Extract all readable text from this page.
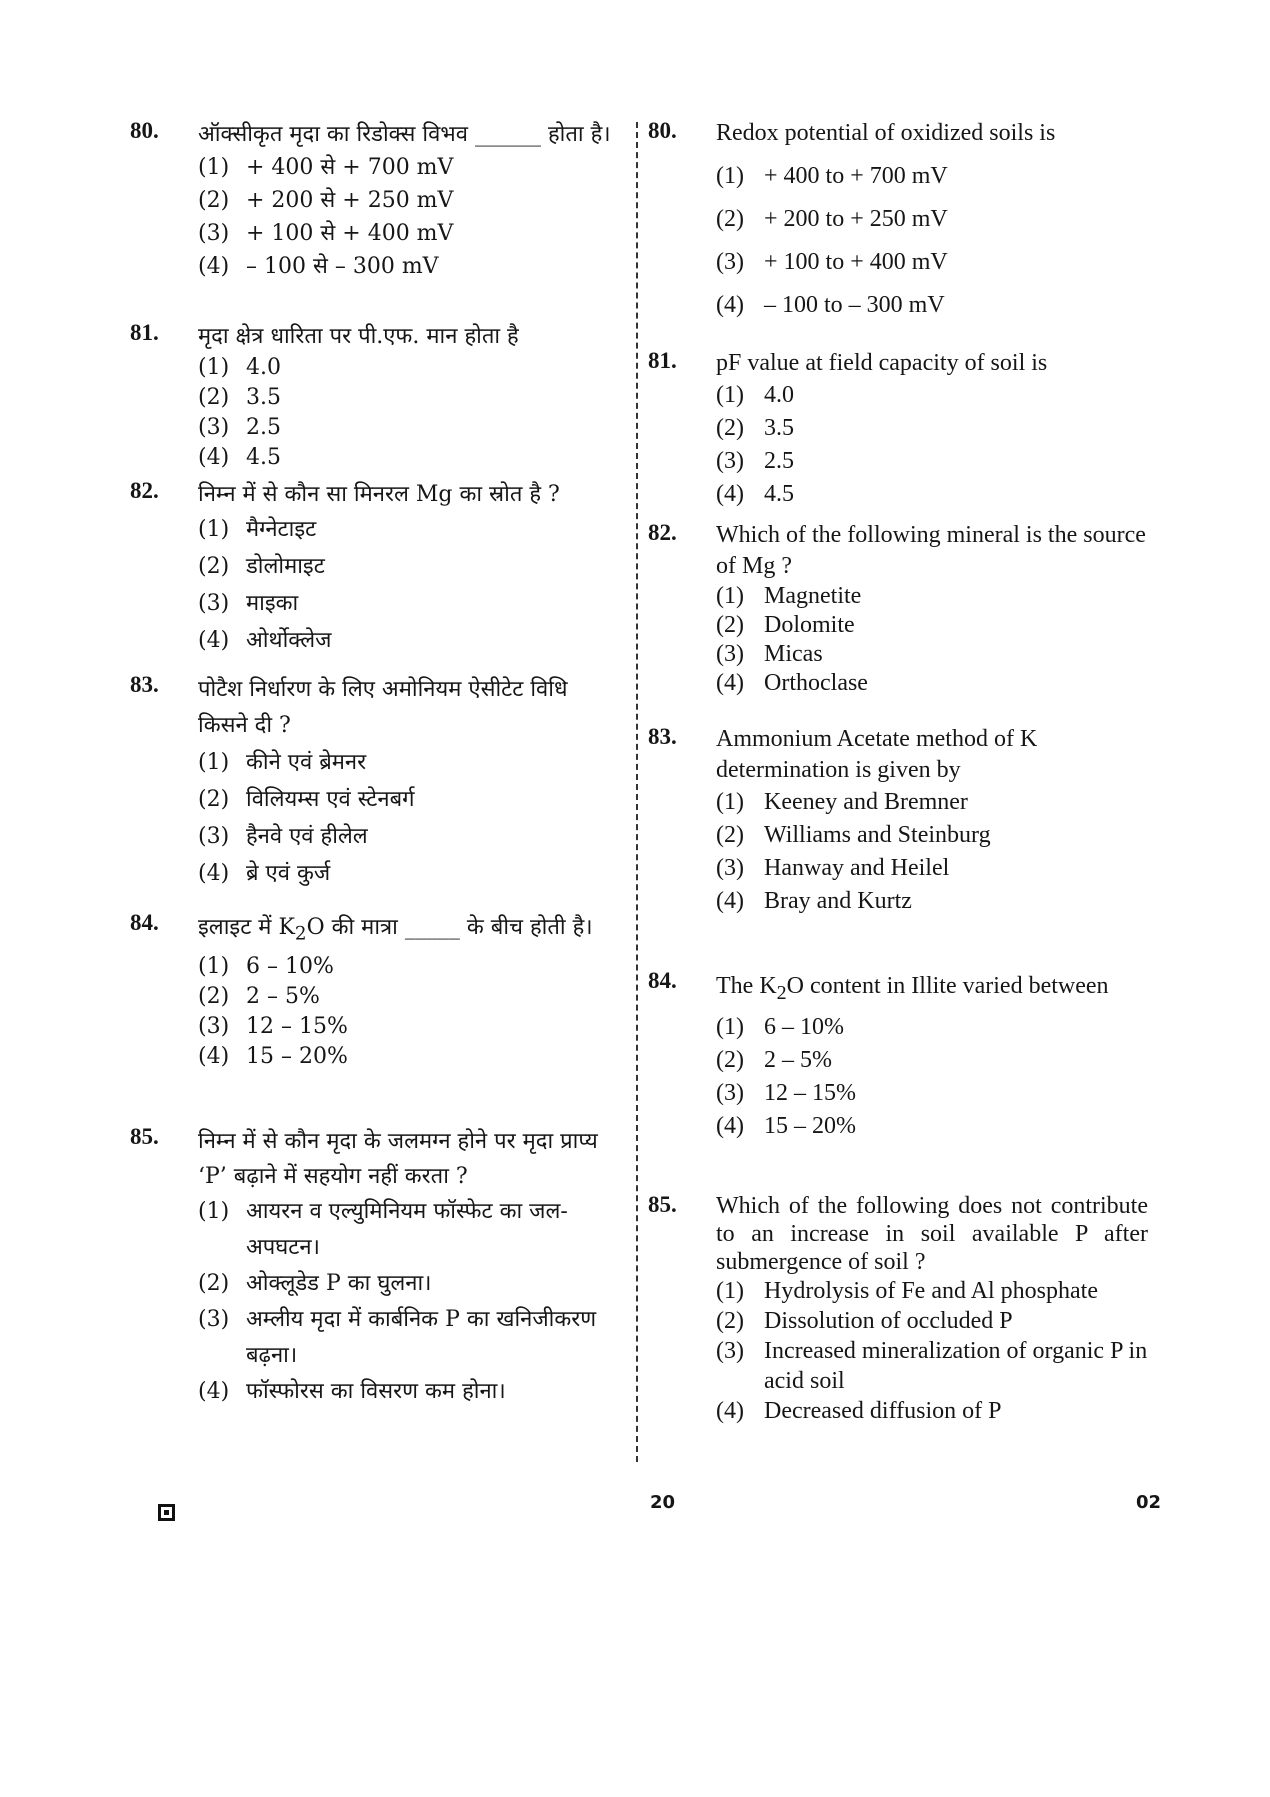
80. ऑक्सीकृत मृदा का रिडोक्स विभव ______ होता है।
(1) + 400 से + 700 mV
(2) + 200 से + 250 mV
(3) + 100 से + 400 mV
(4) – 100 से – 300 mV
81. मृदा क्षेत्र धारिता पर पी.एफ. मान होता है
(1) 4.0
(2) 3.5
(3) 2.5
(4) 4.5
82. निम्न में से कौन सा मिनरल Mg का स्रोत है ?
(1) मैग्नेटाइट
(2) डोलोमाइट
(3) माइका
(4) ओर्थोक्लेज
83. पोटैश निर्धारण के लिए अमोनियम ऐसीटेट विधि किसने दी ?
(1) कीने एवं ब्रेमनर
(2) विलियम्स एवं स्टेनबर्ग
(3) हैनवे एवं हीलेल
(4) ब्रे एवं कुर्ज
84. इलाइट में $K_2O$ की मात्रा _____ के बीच होती है।
(1) 6 – 10%
(2) 2 – 5%
(3) 12 – 15%
(4) 15 – 20%
85. निम्न में से कौन मृदा के जलमग्न होने पर मृदा प्राप्य ‘P’ बढ़ाने में सहयोग नहीं करता ?
(1) आयरन व एल्युमिनियम फॉस्फेट का जल-अपघटन।
(2) ओक्लूडेड P का घुलना।
(3) अम्लीय मृदा में कार्बनिक P का खनिजीकरण बढ़ना।
(4) फॉस्फोरस का विसरण कम होना।
80. Redox potential of oxidized soils is
(1) + 400 to + 700 mV
(2) + 200 to + 250 mV
(3) + 100 to + 400 mV
(4) – 100 to – 300 mV
81. pF value at field capacity of soil is
(1) 4.0
(2) 3.5
(3) 2.5
(4) 4.5
82. Which of the following mineral is the source of Mg ?
(1) Magnetite
(2) Dolomite
(3) Micas
(4) Orthoclase
83. Ammonium Acetate method of K determination is given by
(1) Keeney and Bremner
(2) Williams and Steinburg
(3) Hanway and Heilel
(4) Bray and Kurtz
84. The $K_2O$ content in Illite varied between
(1) 6 – 10%
(2) 2 – 5%
(3) 12 – 15%
(4) 15 – 20%
85. Which of the following does not contribute to an increase in soil available P after submergence of soil ?
(1) Hydrolysis of Fe and Al phosphate
(2) Dissolution of occluded P
(3) Increased mineralization of organic P in acid soil
(4) Decreased diffusion of P
20	02
